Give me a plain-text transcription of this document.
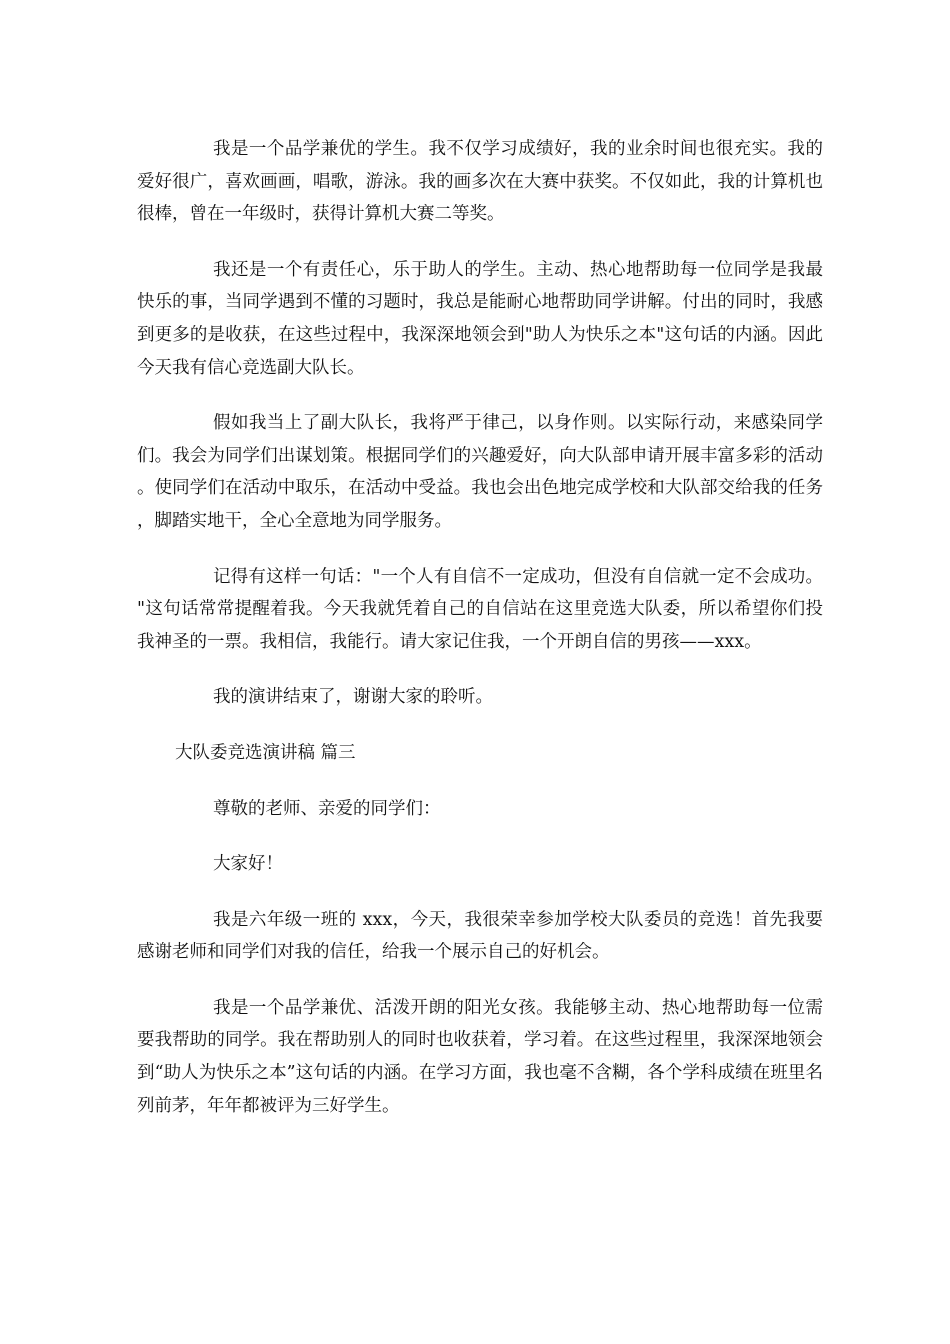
我是一个品学兼优的学生。我不仅学习成绩好，我的业余时间也很充实。我的爱好很广，喜欢画画，唱歌，游泳。我的画多次在大赛中获奖。不仅如此，我的计算机也很棒，曾在一年级时，获得计算机大赛二等奖。

我还是一个有责任心，乐于助人的学生。主动、热心地帮助每一位同学是我最快乐的事，当同学遇到不懂的习题时，我总是能耐心地帮助同学讲解。付出的同时，我感到更多的是收获，在这些过程中，我深深地领会到"助人为快乐之本"这句话的内涵。因此今天我有信心竞选副大队长。

假如我当上了副大队长，我将严于律己，以身作则。以实际行动，来感染同学们。我会为同学们出谋划策。根据同学们的兴趣爱好，向大队部申请开展丰富多彩的活动。使同学们在活动中取乐，在活动中受益。我也会出色地完成学校和大队部交给我的任务，脚踏实地干，全心全意地为同学服务。

记得有这样一句话："一个人有自信不一定成功，但没有自信就一定不会成功。"这句话常常提醒着我。今天我就凭着自己的自信站在这里竞选大队委，所以希望你们投我神圣的一票。我相信，我能行。请大家记住我，一个开朗自信的男孩——xxx。

我的演讲结束了，谢谢大家的聆听。

大队委竞选演讲稿 篇三

尊敬的老师、亲爱的同学们：

大家好！

我是六年级一班的 xxx，今天，我很荣幸参加学校大队委员的竞选！首先我要感谢老师和同学们对我的信任，给我一个展示自己的好机会。

我是一个品学兼优、活泼开朗的阳光女孩。我能够主动、热心地帮助每一位需要我帮助的同学。我在帮助别人的同时也收获着，学习着。在这些过程里，我深深地领会到“助人为快乐之本”这句话的内涵。在学习方面，我也毫不含糊，各个学科成绩在班里名列前茅，年年都被评为三好学生。
